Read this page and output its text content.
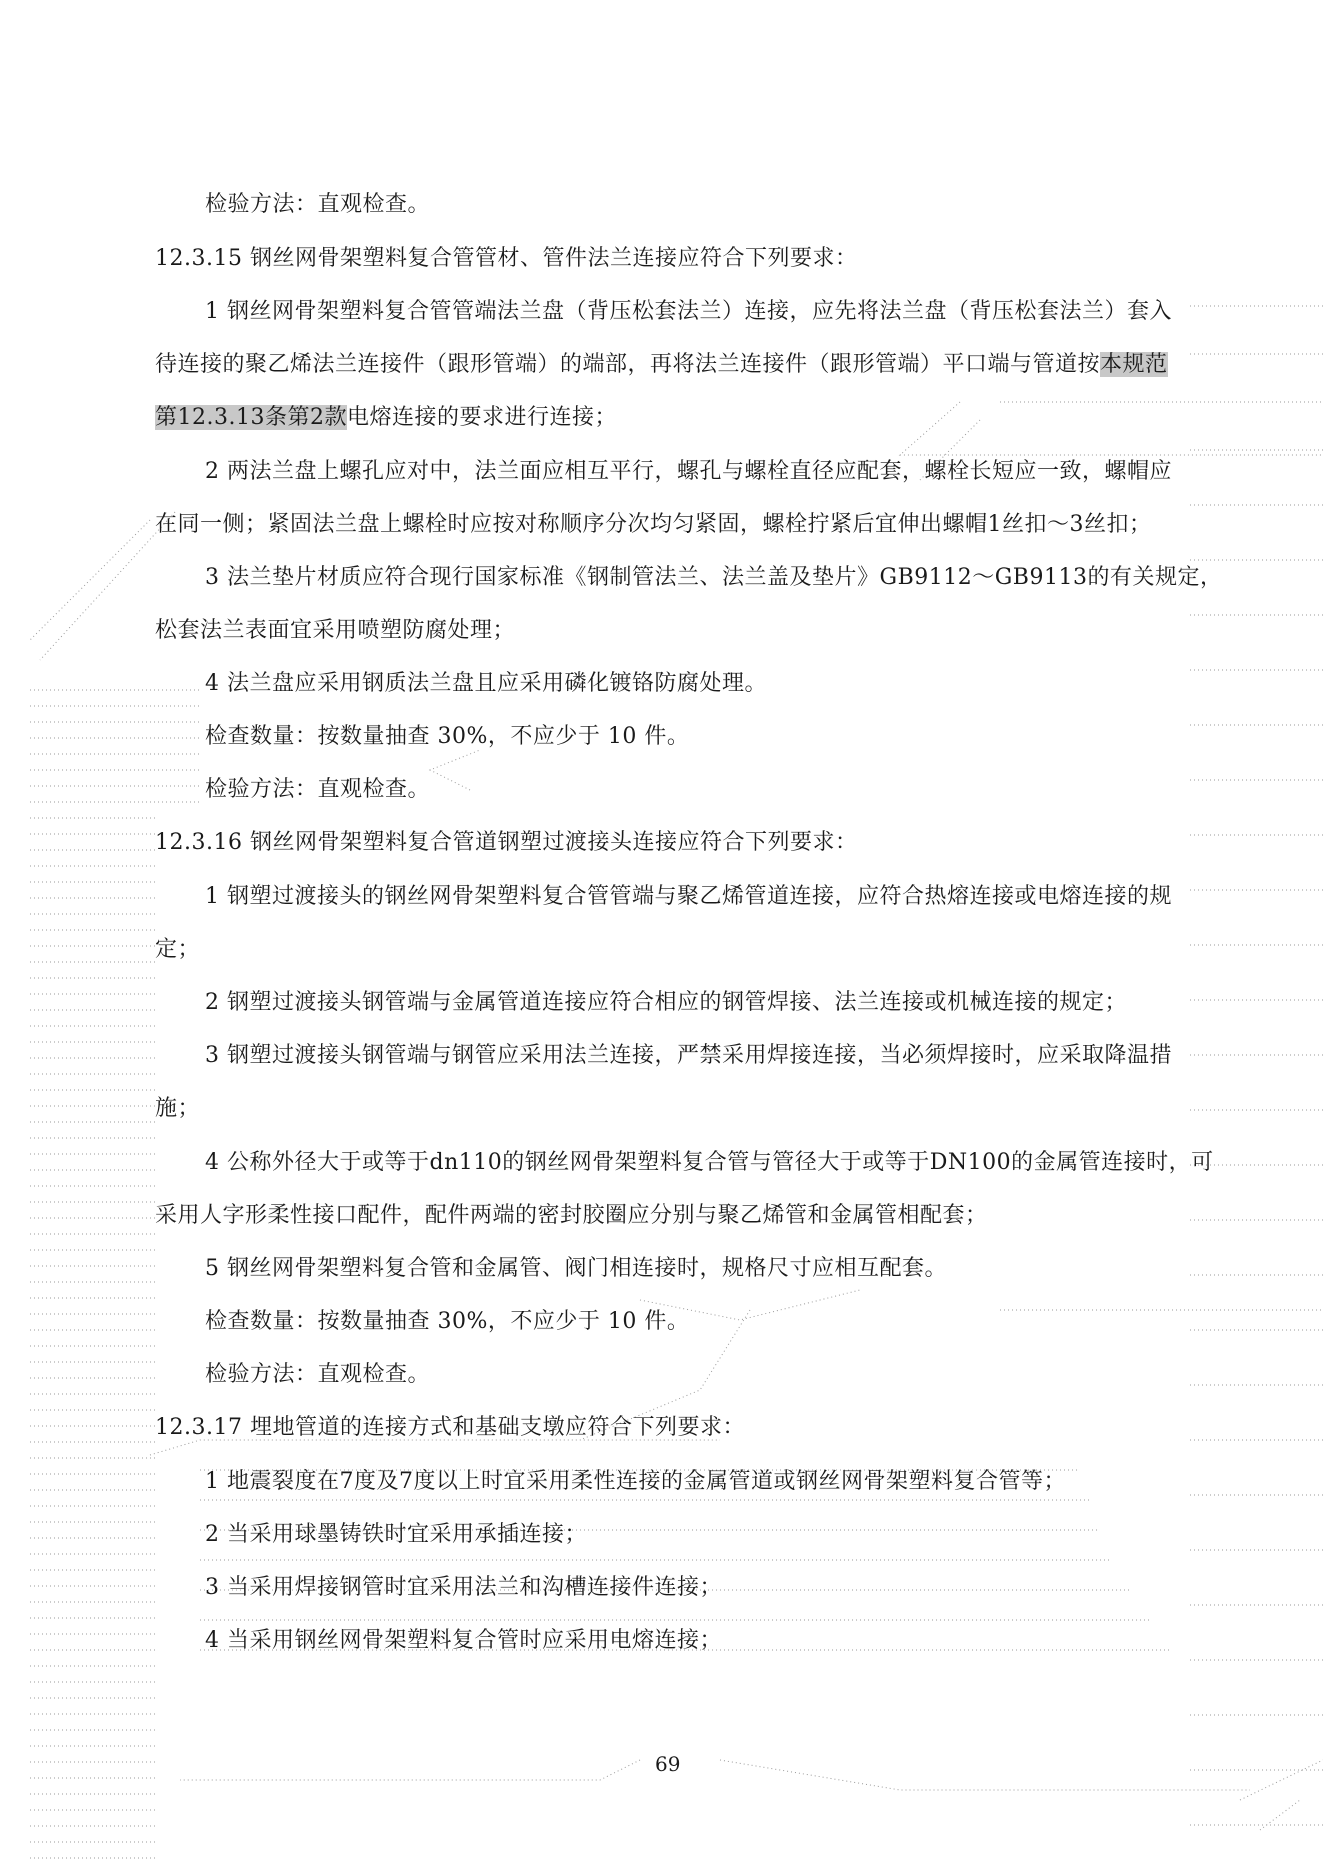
检验方法：直观检查。
12.3.15 钢丝网骨架塑料复合管管材、管件法兰连接应符合下列要求：
1 钢丝网骨架塑料复合管管端法兰盘（背压松套法兰）连接，应先将法兰盘（背压松套法兰）套入
待连接的聚乙烯法兰连接件（跟形管端）的端部，再将法兰连接件（跟形管端）平口端与管道按本规范
第12.3.13条第2款电熔连接的要求进行连接；
2 两法兰盘上螺孔应对中，法兰面应相互平行，螺孔与螺栓直径应配套，螺栓长短应一致，螺帽应
在同一侧；紧固法兰盘上螺栓时应按对称顺序分次均匀紧固，螺栓拧紧后宜伸出螺帽1丝扣～3丝扣；
3 法兰垫片材质应符合现行国家标准《钢制管法兰、法兰盖及垫片》GB9112～GB9113的有关规定，
松套法兰表面宜采用喷塑防腐处理；
4 法兰盘应采用钢质法兰盘且应采用磷化镀铬防腐处理。
检查数量：按数量抽查 30%，不应少于 10 件。
检验方法：直观检查。
12.3.16 钢丝网骨架塑料复合管道钢塑过渡接头连接应符合下列要求：
1 钢塑过渡接头的钢丝网骨架塑料复合管管端与聚乙烯管道连接，应符合热熔连接或电熔连接的规
定；
2 钢塑过渡接头钢管端与金属管道连接应符合相应的钢管焊接、法兰连接或机械连接的规定；
3 钢塑过渡接头钢管端与钢管应采用法兰连接，严禁采用焊接连接，当必须焊接时，应采取降温措
施；
4 公称外径大于或等于dn110的钢丝网骨架塑料复合管与管径大于或等于DN100的金属管连接时，可
采用人字形柔性接口配件，配件两端的密封胶圈应分别与聚乙烯管和金属管相配套；
5 钢丝网骨架塑料复合管和金属管、阀门相连接时，规格尺寸应相互配套。
检查数量：按数量抽查 30%，不应少于 10 件。
检验方法：直观检查。
12.3.17 埋地管道的连接方式和基础支墩应符合下列要求：
1 地震裂度在7度及7度以上时宜采用柔性连接的金属管道或钢丝网骨架塑料复合管等；
2 当采用球墨铸铁时宜采用承插连接；
3 当采用焊接钢管时宜采用法兰和沟槽连接件连接；
4 当采用钢丝网骨架塑料复合管时应采用电熔连接；
69
